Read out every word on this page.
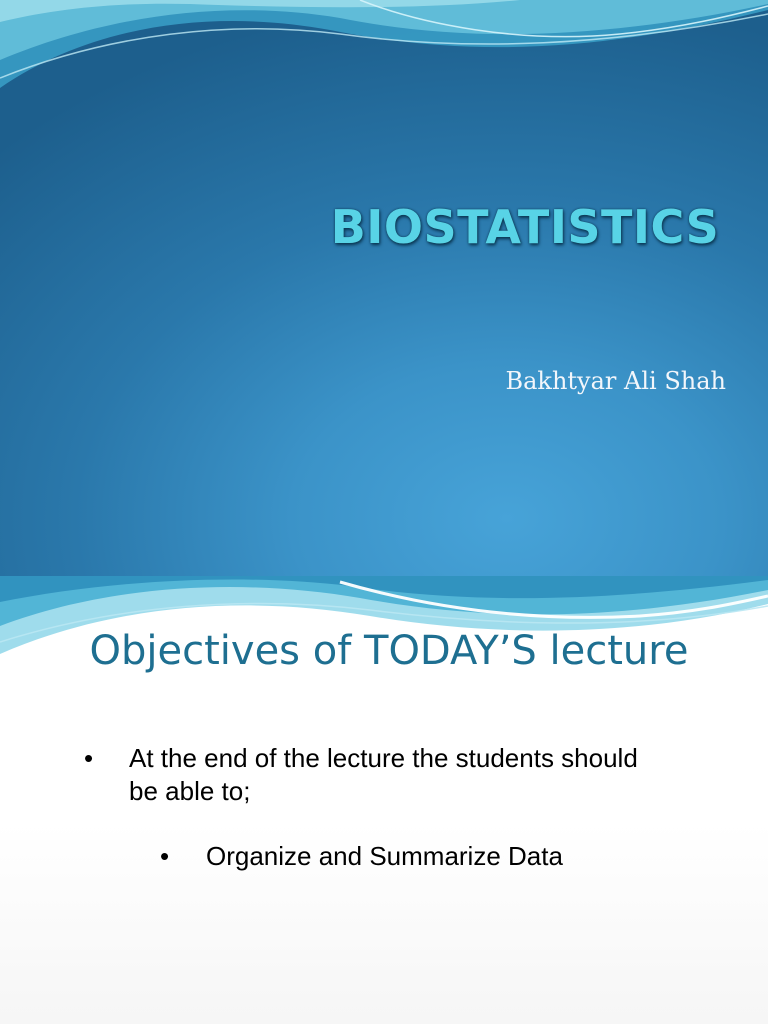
BIOSTATISTICS
Bakhtyar Ali Shah
Objectives of TODAY’S lecture
• At the end of the lecture the students should be able to;
• Organize and Summarize Data
